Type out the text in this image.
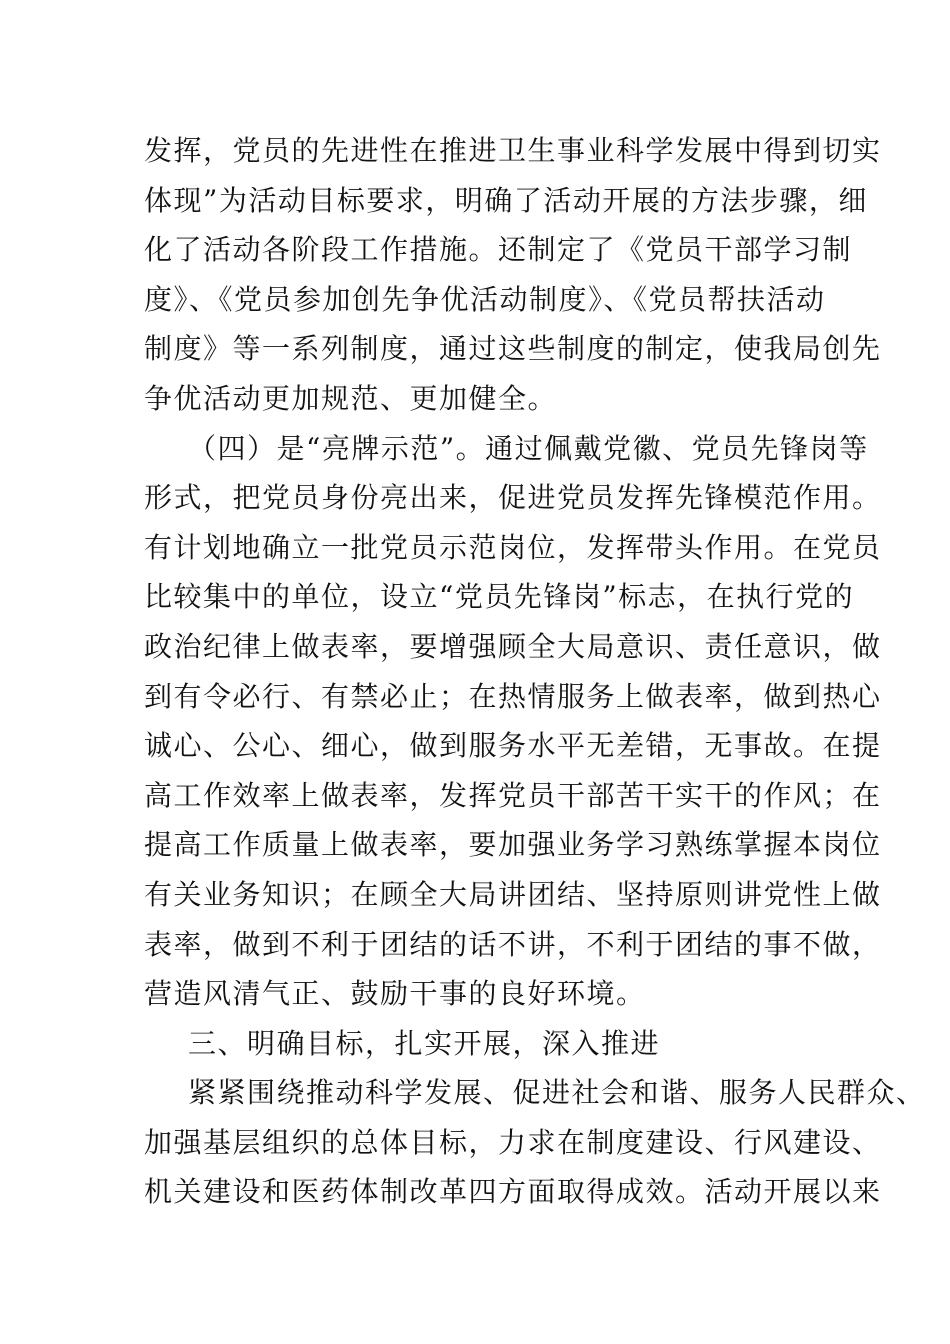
发挥，党员的先进性在推进卫生事业科学发展中得到切实
体现”为活动目标要求，明确了活动开展的方法步骤，细
化了活动各阶段工作措施。还制定了《党员干部学习制
度》、《党员参加创先争优活动制度》、《党员帮扶活动
制度》等一系列制度，通过这些制度的制定，使我局创先
争优活动更加规范、更加健全。
（四）是“亮牌示范”。通过佩戴党徽、党员先锋岗等
形式，把党员身份亮出来，促进党员发挥先锋模范作用。
有计划地确立一批党员示范岗位，发挥带头作用。在党员
比较集中的单位，设立“党员先锋岗”标志，在执行党的
政治纪律上做表率，要增强顾全大局意识、责任意识，做
到有令必行、有禁必止；在热情服务上做表率，做到热心
诚心、公心、细心，做到服务水平无差错，无事故。在提
高工作效率上做表率，发挥党员干部苦干实干的作风；在
提高工作质量上做表率，要加强业务学习熟练掌握本岗位
有关业务知识；在顾全大局讲团结、坚持原则讲党性上做
表率，做到不利于团结的话不讲，不利于团结的事不做，
营造风清气正、鼓励干事的良好环境。
三、明确目标，扎实开展，深入推进
紧紧围绕推动科学发展、促进社会和谐、服务人民群众、
加强基层组织的总体目标，力求在制度建设、行风建设、
机关建设和医药体制改革四方面取得成效。活动开展以来
